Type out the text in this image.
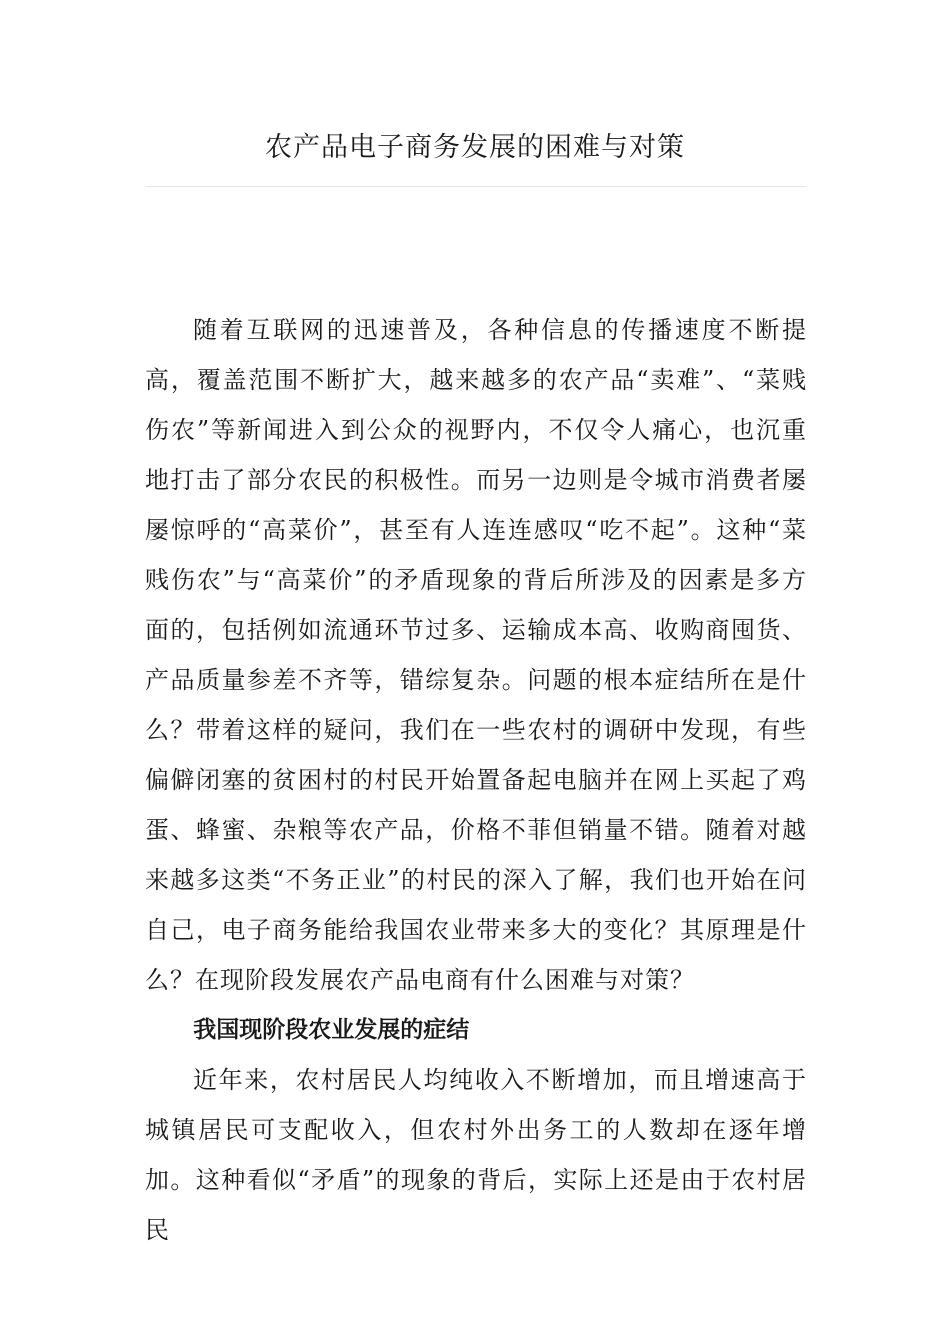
农产品电子商务发展的困难与对策

随着互联网的迅速普及，各种信息的传播速度不断提高，覆盖范围不断扩大，越来越多的农产品“卖难”、“菜贱伤农”等新闻进入到公众的视野内，不仅令人痛心，也沉重地打击了部分农民的积极性。而另一边则是令城市消费者屡屡惊呼的“高菜价”，甚至有人连连感叹“吃不起”。这种“菜贱伤农”与“高菜价”的矛盾现象的背后所涉及的因素是多方面的，包括例如流通环节过多、运输成本高、收购商囤货、产品质量参差不齐等，错综复杂。问题的根本症结所在是什么？带着这样的疑问，我们在一些农村的调研中发现，有些偏僻闭塞的贫困村的村民开始置备起电脑并在网上买起了鸡蛋、蜂蜜、杂粮等农产品，价格不菲但销量不错。随着对越来越多这类“不务正业”的村民的深入了解，我们也开始在问自己，电子商务能给我国农业带来多大的变化？其原理是什么？在现阶段发展农产品电商有什么困难与对策？

我国现阶段农业发展的症结

近年来，农村居民人均纯收入不断增加，而且增速高于城镇居民可支配收入，但农村外出务工的人数却在逐年增加。这种看似“矛盾”的现象的背后，实际上还是由于农村居民
